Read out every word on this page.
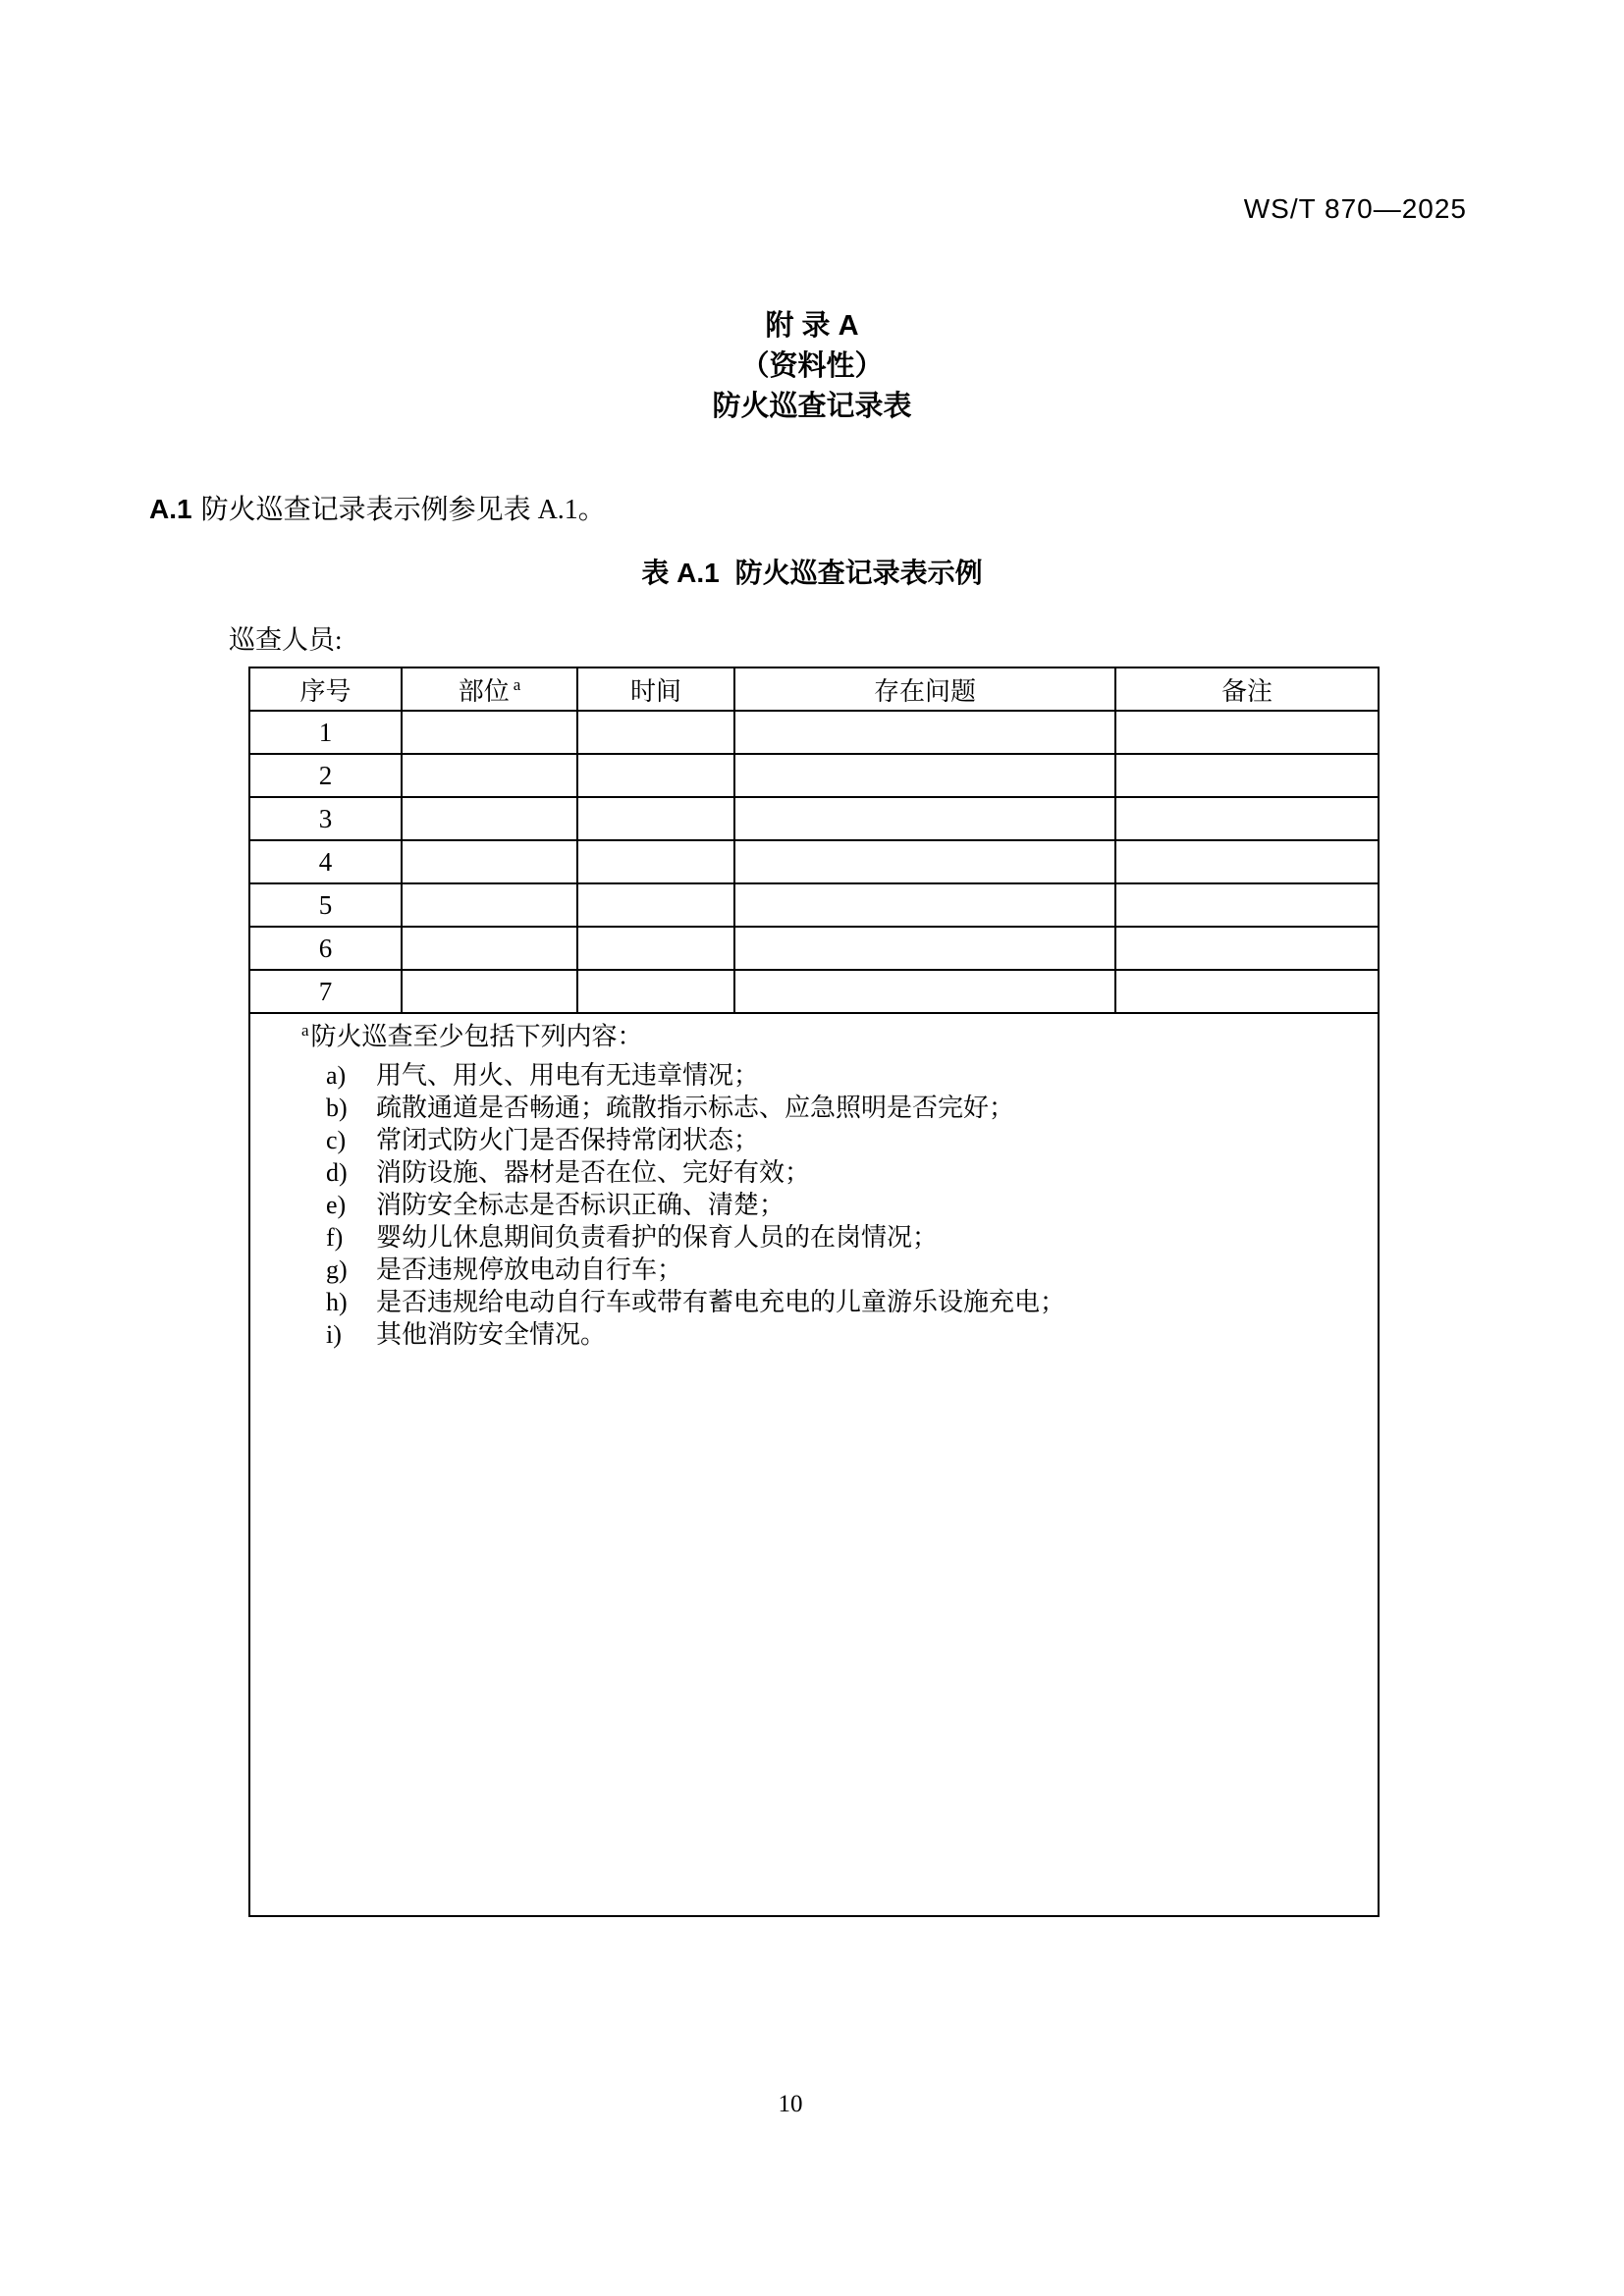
WS/T 870—2025
附 录 A
（资料性）
防火巡查记录表
A.1 防火巡查记录表示例参见表 A.1。
表 A.1 防火巡查记录表示例
巡查人员:
序号	部位 $^a$	时间	存在问题	备注
1				
2				
3				
4				
5				
6				
7				

$^a$防火巡查至少包括下列内容：
a) 用气、用火、用电有无违章情况；
b) 疏散通道是否畅通；疏散指示标志、应急照明是否完好；
c) 常闭式防火门是否保持常闭状态；
d) 消防设施、器材是否在位、完好有效；
e) 消防安全标志是否标识正确、清楚；
f) 婴幼儿休息期间负责看护的保育人员的在岗情况；
g) 是否违规停放电动自行车；
h) 是否违规给电动自行车或带有蓄电充电的儿童游乐设施充电；
i) 其他消防安全情况。
10
